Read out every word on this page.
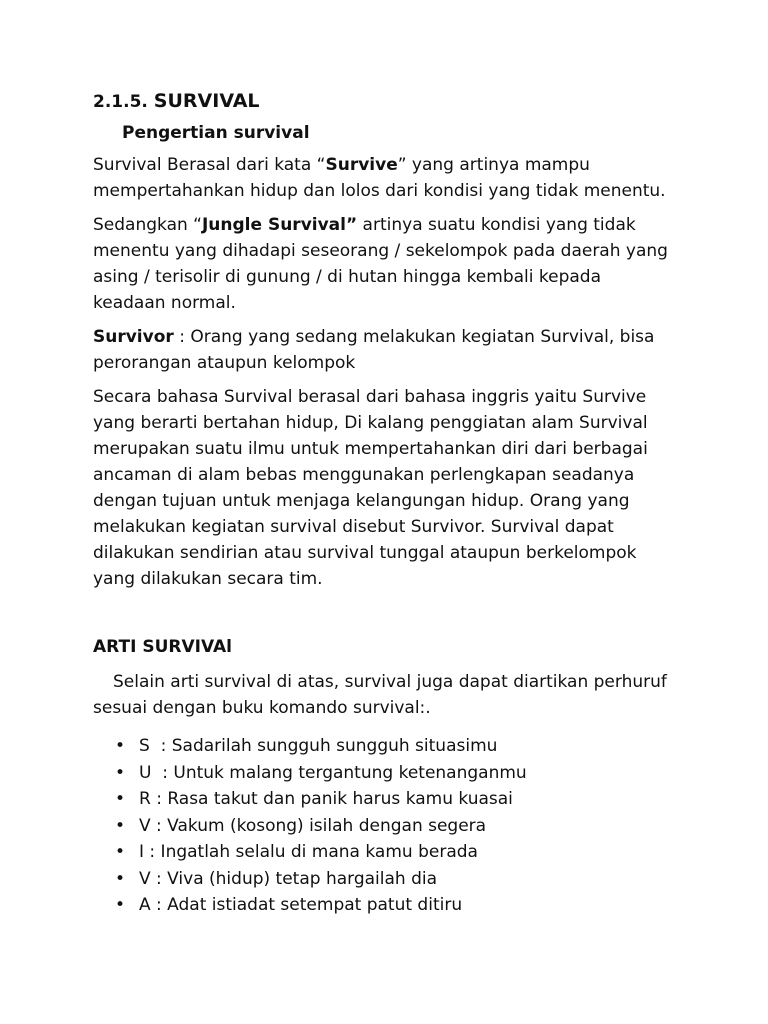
2.1.5. SURVIVAL
Pengertian survival

Survival Berasal dari kata “Survive” yang artinya mampu mempertahankan hidup dan lolos dari kondisi yang tidak menentu.

Sedangkan “Jungle Survival” artinya suatu kondisi yang tidak menentu yang dihadapi seseorang / sekelompok pada daerah yang asing / terisolir di gunung / di hutan hingga kembali kepada keadaan normal.

Survivor : Orang yang sedang melakukan kegiatan Survival, bisa perorangan ataupun kelompok

Secara bahasa Survival berasal dari bahasa inggris yaitu Survive yang berarti bertahan hidup, Di kalang penggiatan alam Survival merupakan suatu ilmu untuk mempertahankan diri dari berbagai ancaman di alam bebas menggunakan perlengkapan seadanya dengan tujuan untuk menjaga kelangungan hidup. Orang yang melakukan kegiatan survival disebut Survivor. Survival dapat dilakukan sendirian atau survival tunggal ataupun berkelompok yang dilakukan secara tim.

ARTI SURVIVAl

Selain arti survival di atas, survival juga dapat diartikan perhuruf sesuai dengan buku komando survival:.

• S  : Sadarilah sungguh sungguh situasimu
• U  : Untuk malang tergantung ketenanganmu
• R : Rasa takut dan panik harus kamu kuasai
• V : Vakum (kosong) isilah dengan segera
• I : Ingatlah selalu di mana kamu berada
• V : Viva (hidup) tetap hargailah dia
• A : Adat istiadat setempat patut ditiru
